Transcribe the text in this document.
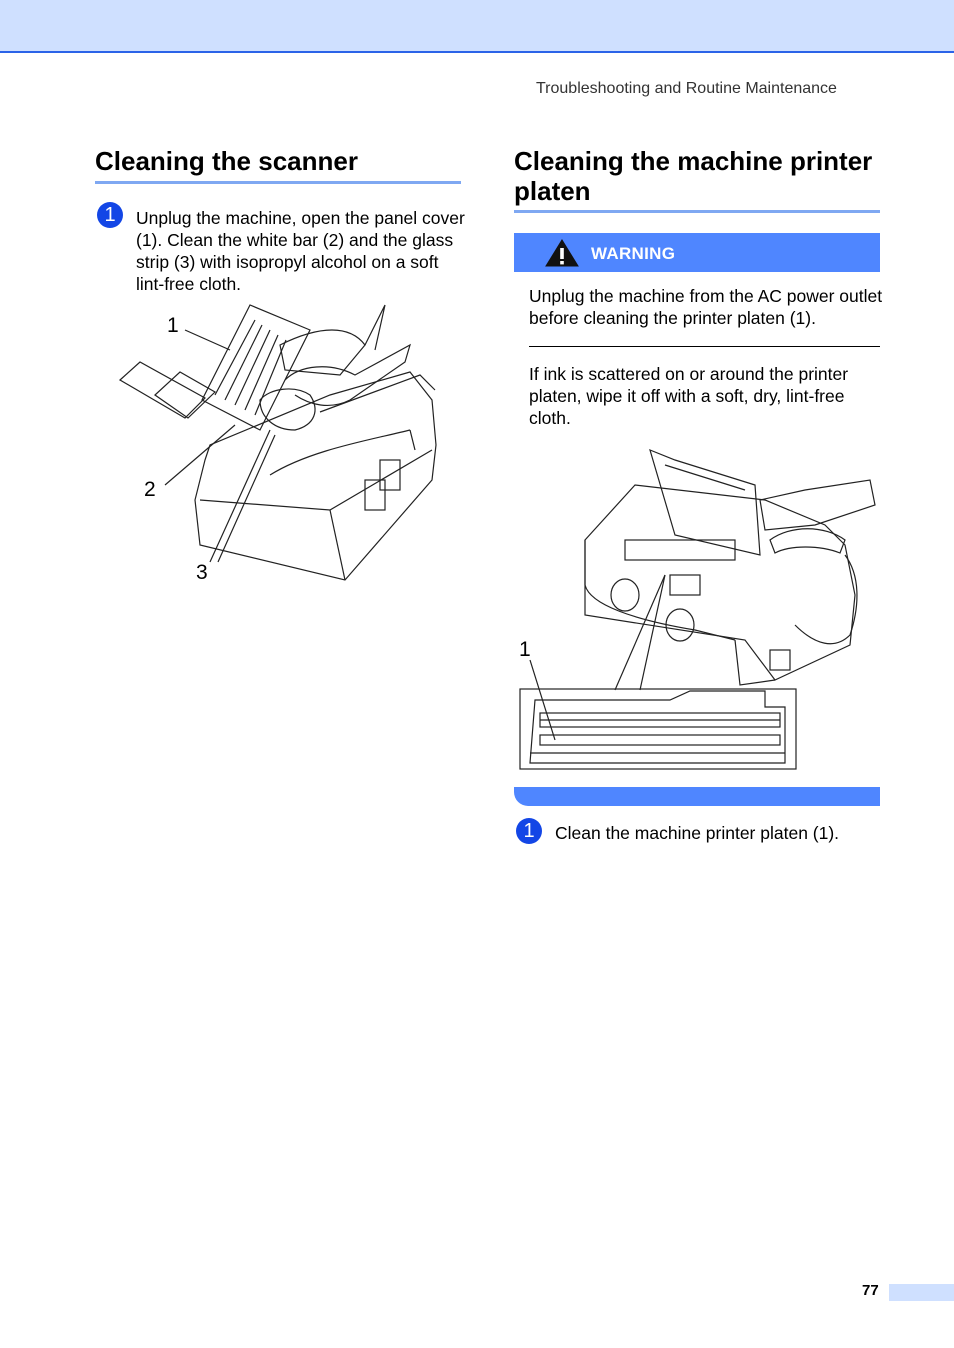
Troubleshooting and Routine Maintenance
Cleaning the scanner
1	Unplug the machine, open the panel cover (1). Clean the white bar (2) and the glass strip (3) with isopropyl alcohol on a soft lint-free cloth.
1
2
3
Cleaning the machine printer platen
WARNING
Unplug the machine from the AC power outlet before cleaning the printer platen (1).
If ink is scattered on or around the printer platen, wipe it off with a soft, dry, lint-free cloth.
1
1	Clean the machine printer platen (1).
77
